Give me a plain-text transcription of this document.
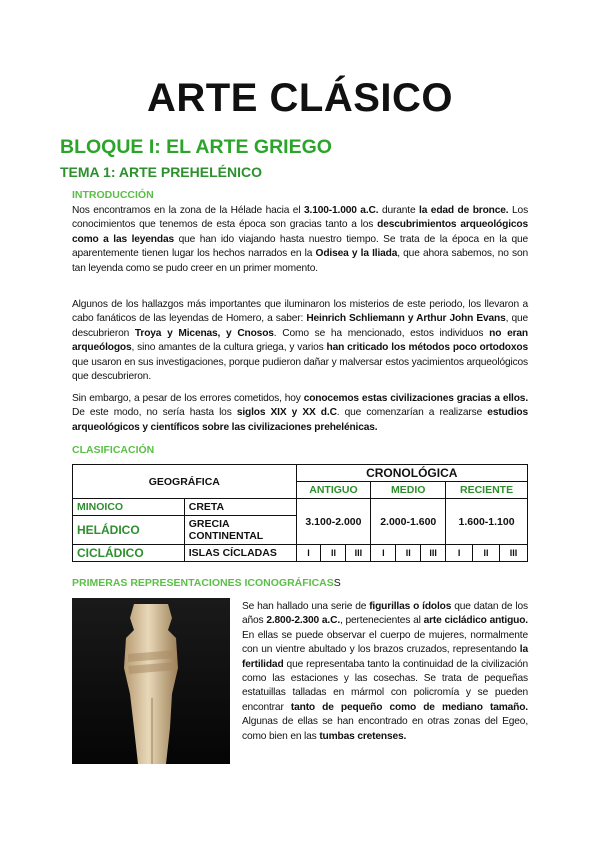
ARTE CLÁSICO
BLOQUE I: EL ARTE GRIEGO
TEMA 1: ARTE PREHELÉNICO
INTRODUCCIÓN
Nos encontramos en la zona de la Hélade hacia el 3.100-1.000 a.C. durante la edad de bronce. Los conocimientos que tenemos de esta época son gracias tanto a los descubrimientos arqueológicos como a las leyendas que han ido viajando hasta nuestro tiempo. Se trata de la época en la que aparentemente tienen lugar los hechos narrados en la Odisea y la Iliada, que ahora sabemos, no son tan leyenda como se pudo creer en un primer momento.
Algunos de los hallazgos más importantes que iluminaron los misterios de este periodo, los llevaron a cabo fanáticos de las leyendas de Homero, a saber: Heinrich Schliemann y Arthur John Evans, que descubrieron Troya y Micenas, y Cnosos. Como se ha mencionado, estos individuos no eran arqueólogos, sino amantes de la cultura griega, y varios han criticado los métodos poco ortodoxos que usaron en sus investigaciones, porque pudieron dañar y malversar estos yacimientos arqueológicos que descubrieron.
Sin embargo, a pesar de los errores cometidos, hoy conocemos estas civilizaciones gracias a ellos. De este modo, no sería hasta los siglos XIX y XX d.C. que comenzarían a realizarse estudios arqueológicos y científicos sobre las civilizaciones prehelénicas.
CLASIFICACIÓN
GEOGRÁFICA		CRONOLÓGICA								
		ANTIGUO			MEDIO			RECIENTE		
MINOICO	CRETA	3.100-2.000			2.000-1.600			1.600-1.100		
HELÁDICO	GRECIA CONTINENTAL									
CICLÁDICO	ISLAS CÍCLADAS	I	II	III	I	II	III	I	II	III
PRIMERAS REPRESENTACIONES ICONOGRÁFICASS
Se han hallado una serie de figurillas o ídolos que datan de los años 2.800-2.300 a.C., pertenecientes al arte cicládico antiguo. En ellas se puede observar el cuerpo de mujeres, normalmente con un vientre abultado y los brazos cruzados, representando la fertilidad que representaba tanto la continuidad de la civilización como las estaciones y las cosechas. Se trata de pequeñas estatuillas talladas en mármol con policromía y se pueden encontrar tanto de pequeño como de mediano tamaño. Algunas de ellas se han encontrado en otras zonas del Egeo, como bien en las tumbas cretenses.
